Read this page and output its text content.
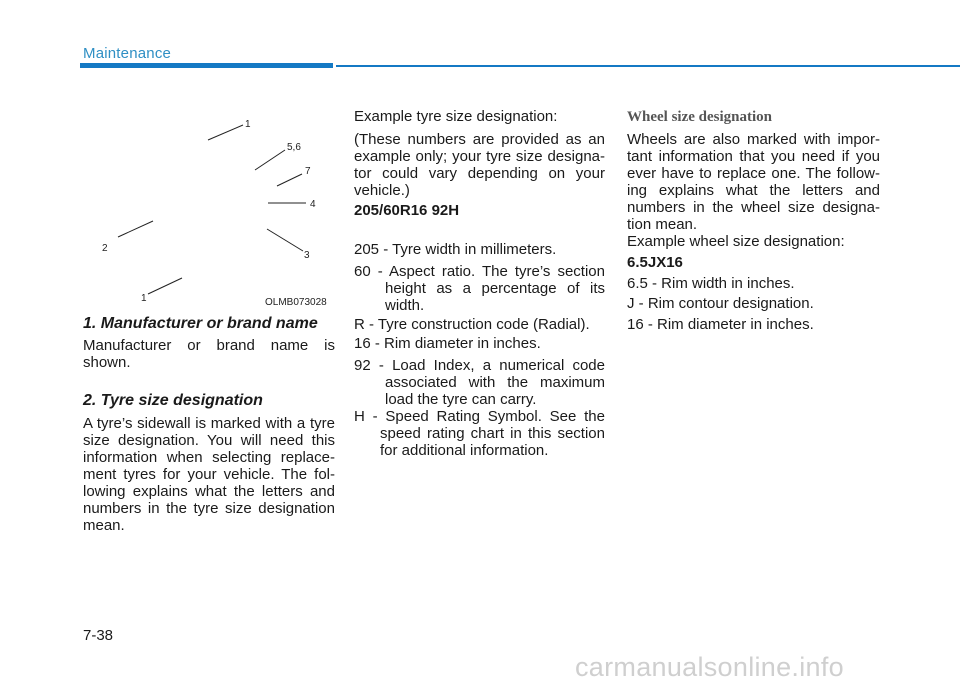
Maintenance
1
5,6
7
4
3
2
1	OLMB073028

1. Manufacturer or brand name

Manufacturer or brand name is shown.

2. Tyre size designation

A tyre’s sidewall is marked with a tyre size designation. You will need this information when selecting replace-ment tyres for your vehicle. The fol-lowing explains what the letters and numbers in the tyre size designation mean.

Example tyre size designation:

(These numbers are provided as an example only; your tyre size designa-tor could vary depending on your vehicle.)

205/60R16 92H

205 - Tyre width in millimeters.

60 - Aspect ratio. The tyre’s section height as a percentage of its width.

R - Tyre construction code (Radial).

16 - Rim diameter in inches.

92 - Load Index, a numerical code associated with the maximum load the tyre can carry.

H - Speed Rating Symbol. See the speed rating chart in this section for additional information.

Wheel size designation

Wheels are also marked with impor-tant information that you need if you ever have to replace one. The follow-ing explains what the letters and numbers in the wheel size designa-tion mean.

Example wheel size designation:

6.5JX16

6.5 - Rim width in inches.

J - Rim contour designation.

16 - Rim diameter in inches.

7-38
carmanualsonline.info
